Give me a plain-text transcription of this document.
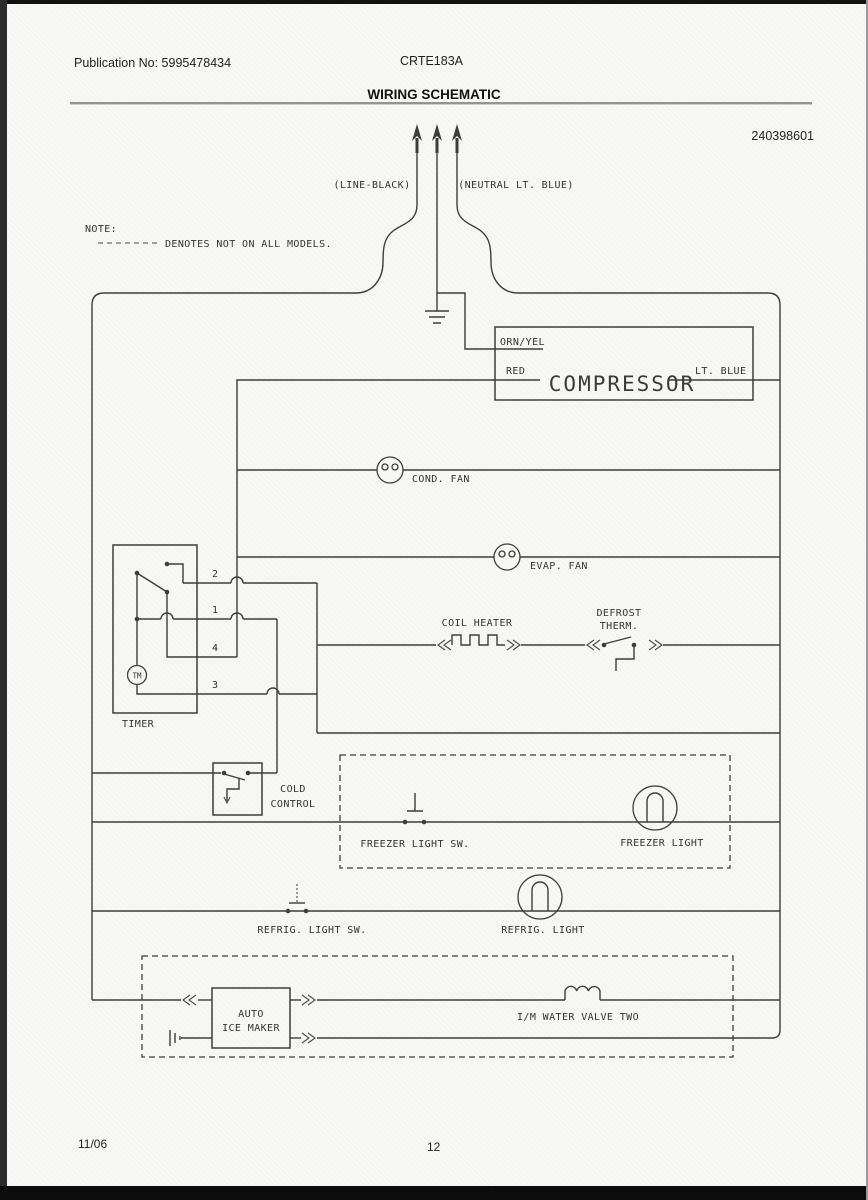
Publication No: 5995478434	CRTE183A
WIRING SCHEMATIC
240398601
NOTE:
DENOTES NOT ON ALL MODELS.
(LINE-BLACK)	(NEUTRAL LT. BLUE)
ORN/YEL
RED	LT. BLUE
COMPRESSOR
COND. FAN
EVAP. FAN
TM
2
1
4
3
TIMER
COIL HEATER
DEFROST
THERM.
COLD
CONTROL
FREEZER LIGHT SW.	FREEZER LIGHT
REFRIG. LIGHT SW.	REFRIG. LIGHT
AUTO
ICE MAKER
I/M WATER VALVE TWO
11/06	12
